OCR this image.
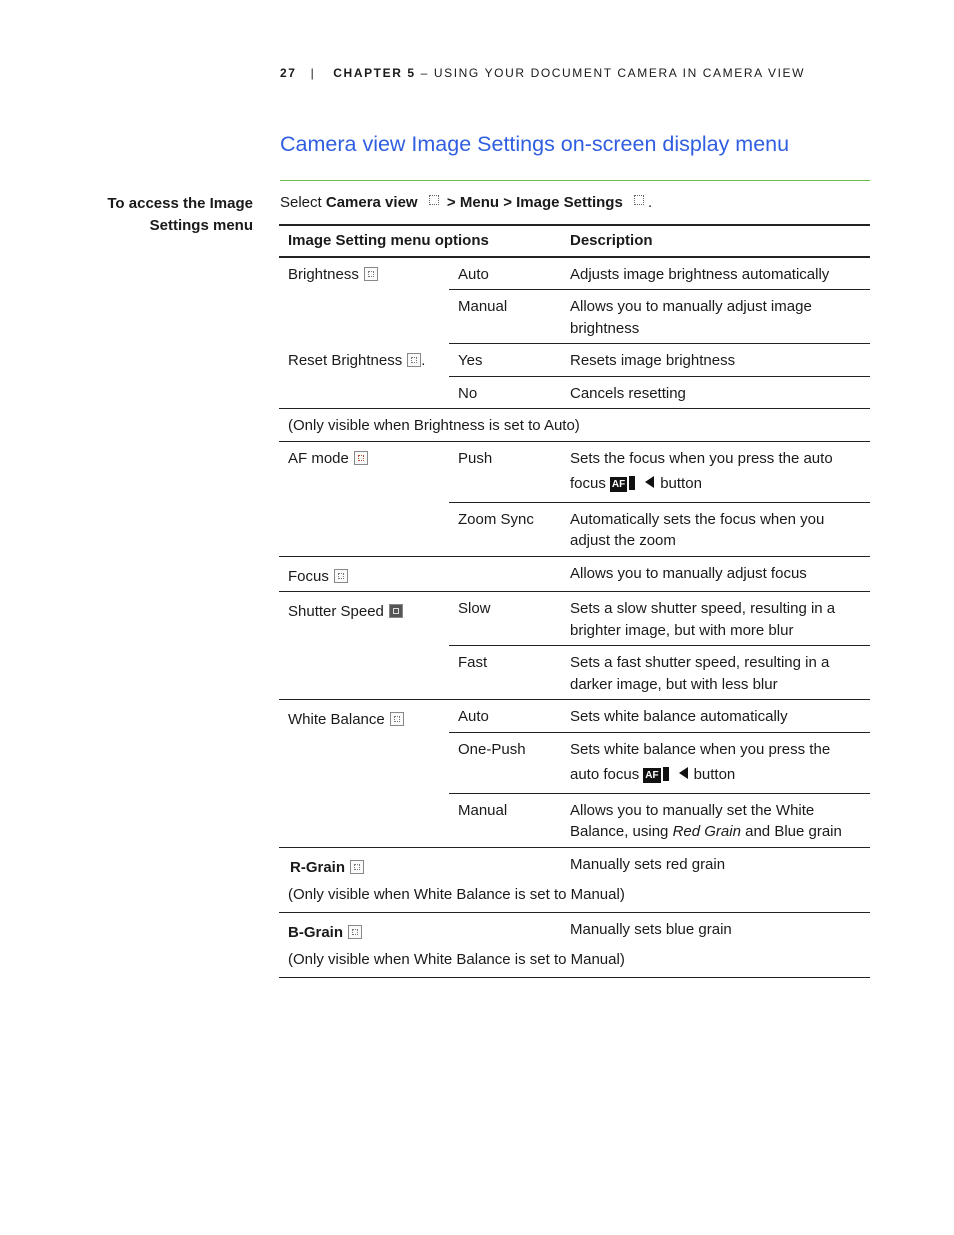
27 | CHAPTER 5 – USING YOUR DOCUMENT CAMERA IN CAMERA VIEW
Camera view Image Settings on-screen display menu
To access the Image
Settings menu
Select Camera view  > Menu > Image Settings .
Image Setting menu options		Description
Brightness	Auto	Adjusts image brightness automatically
	Manual	Allows you to manually adjust image brightness
Reset Brightness .	Yes	Resets image brightness
	No	Cancels resetting
(Only visible when Brightness is set to Auto)		
AF mode	Push	Sets the focus when you press the auto
focus AF button

	Zoom Sync	Automatically sets the focus when you adjust the zoom
Focus		Allows you to manually adjust focus
Shutter Speed	Slow	Sets a slow shutter speed, resulting in a brighter image, but with more blur
	Fast	Sets a fast shutter speed, resulting in a darker image, but with less blur
White Balance	Auto	Sets white balance automatically
	One-Push	Sets white balance when you press the
auto focus AF button

	Manual	Allows you to manually set the White Balance, using Red Grain and Blue grain
R-Grain		Manually sets red grain
(Only visible when White Balance is set to Manual)		
B-Grain		Manually sets blue grain
(Only visible when White Balance is set to Manual)		
